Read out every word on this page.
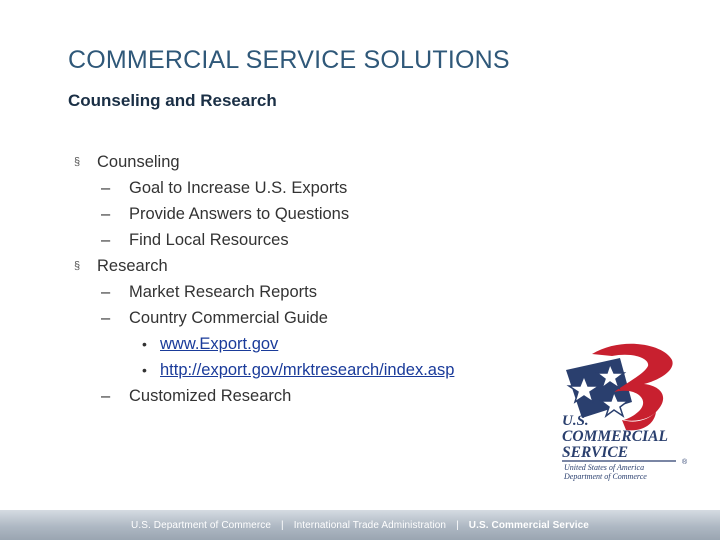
COMMERCIAL SERVICE SOLUTIONS
Counseling and Research
§ Counseling
– Goal to Increase U.S. Exports
– Provide Answers to Questions
– Find Local Resources
§ Research
– Market Research Reports
– Country Commercial Guide
• www.Export.gov
• http://export.gov/mrktresearch/index.asp
– Customized Research
U.S.
COMMERCIAL
SERVICE
United States of America
Department of Commerce
®
U.S. Department of Commerce | International Trade Administration | U.S. Commercial Service
